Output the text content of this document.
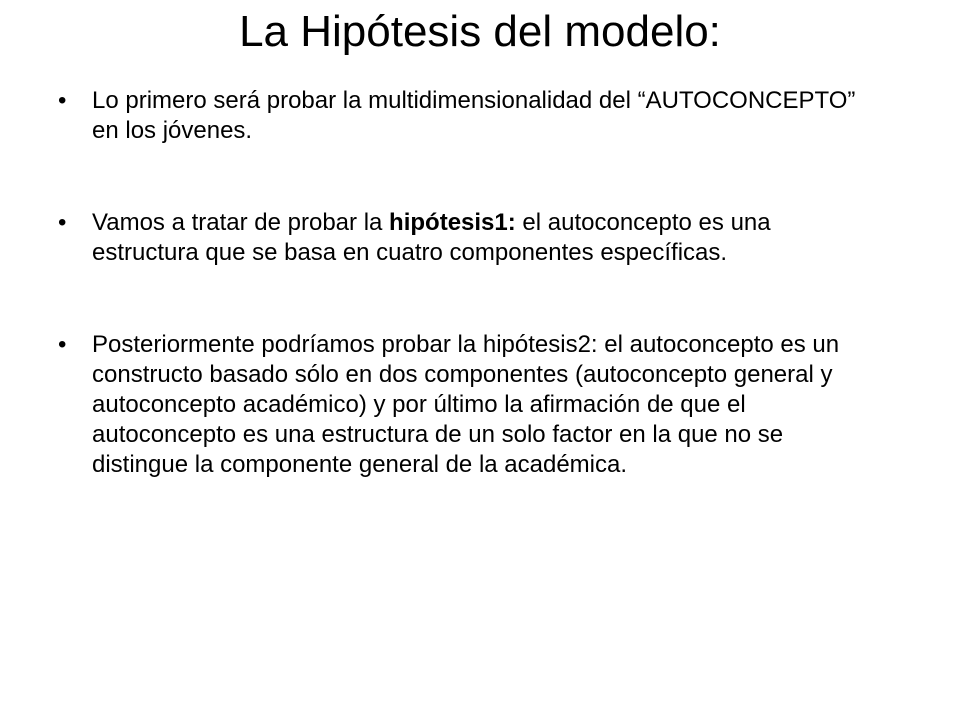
La Hipótesis del modelo:
• Lo primero será probar la multidimensionalidad del “AUTOCONCEPTO” en los jóvenes.
• Vamos a tratar de probar la hipótesis1: el autoconcepto es una estructura que se basa en cuatro componentes específicas.
• Posteriormente podríamos probar la hipótesis2: el autoconcepto es un constructo basado sólo en dos componentes (autoconcepto general y autoconcepto académico) y por último la afirmación de que el autoconcepto es una estructura de un solo factor en la que no se distingue la componente general de la académica.
